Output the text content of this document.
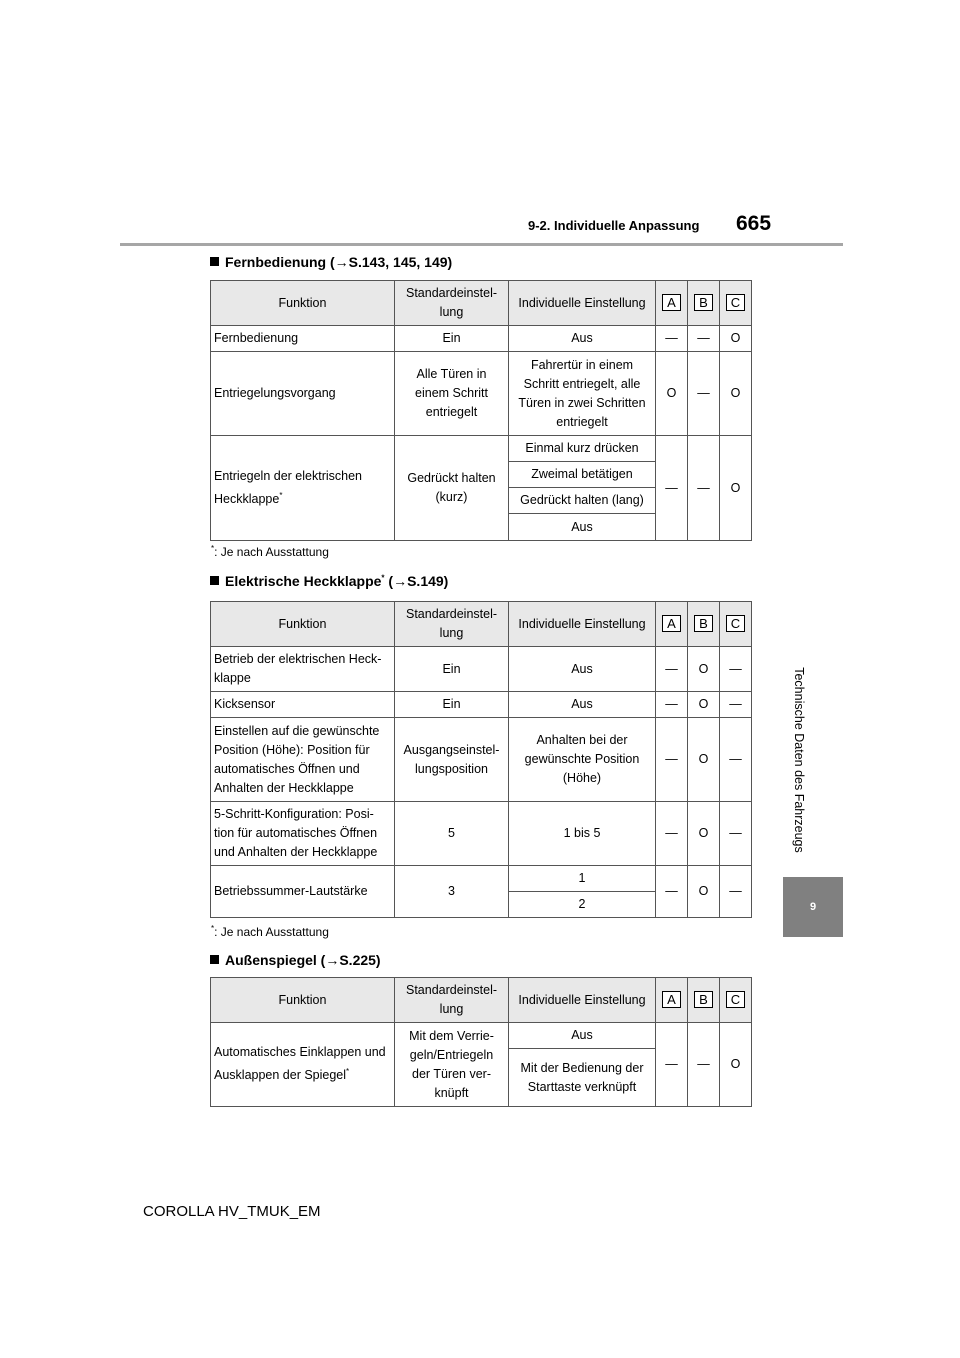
9-2. Individuelle Anpassung 665
Technische Daten des Fahrzeugs
9
Fernbedienung (→S.143, 145, 149)
Funktion	Standardeinstel-
lung	Individuelle Einstellung	A	B	C
Fernbedienung	Ein	Aus	—	—	O
Entriegelungsvorgang	Alle Türen in
einem Schritt
entriegelt	Fahrertür in einem
Schritt entriegelt, alle
Türen in zwei Schritten
entriegelt	O	—	O
Entriegeln der elektrischen
Heckklappe*	Gedrückt halten
(kurz)	Einmal kurz drücken	—	—	O
		Zweimal betätigen			
		Gedrückt halten (lang)			
		Aus			
*: Je nach Ausstattung
Elektrische Heckklappe* (→S.149)
Funktion	Standardeinstel-
lung	Individuelle Einstellung	A	B	C
Betrieb der elektrischen Heck-
klappe	Ein	Aus	—	O	—
Kicksensor	Ein	Aus	—	O	—
Einstellen auf die gewünschte
Position (Höhe): Position für
automatisches Öffnen und
Anhalten der Heckklappe	Ausgangseinstel-
lungsposition	Anhalten bei der
gewünschte Position
(Höhe)	—	O	—
5-Schritt-Konfiguration: Posi-
tion für automatisches Öffnen
und Anhalten der Heckklappe	5	1 bis 5	—	O	—
Betriebssummer-Lautstärke	3	1	—	O	—
		2			
*: Je nach Ausstattung
Außenspiegel (→S.225)
Funktion	Standardeinstel-
lung	Individuelle Einstellung	A	B	C
Automatisches Einklappen und
Ausklappen der Spiegel*	Mit dem Verrie-
geln/Entriegeln
der Türen ver-
knüpft	Aus	—	—	O
		Mit der Bedienung der
Starttaste verknüpft			
COROLLA HV_TMUK_EM
